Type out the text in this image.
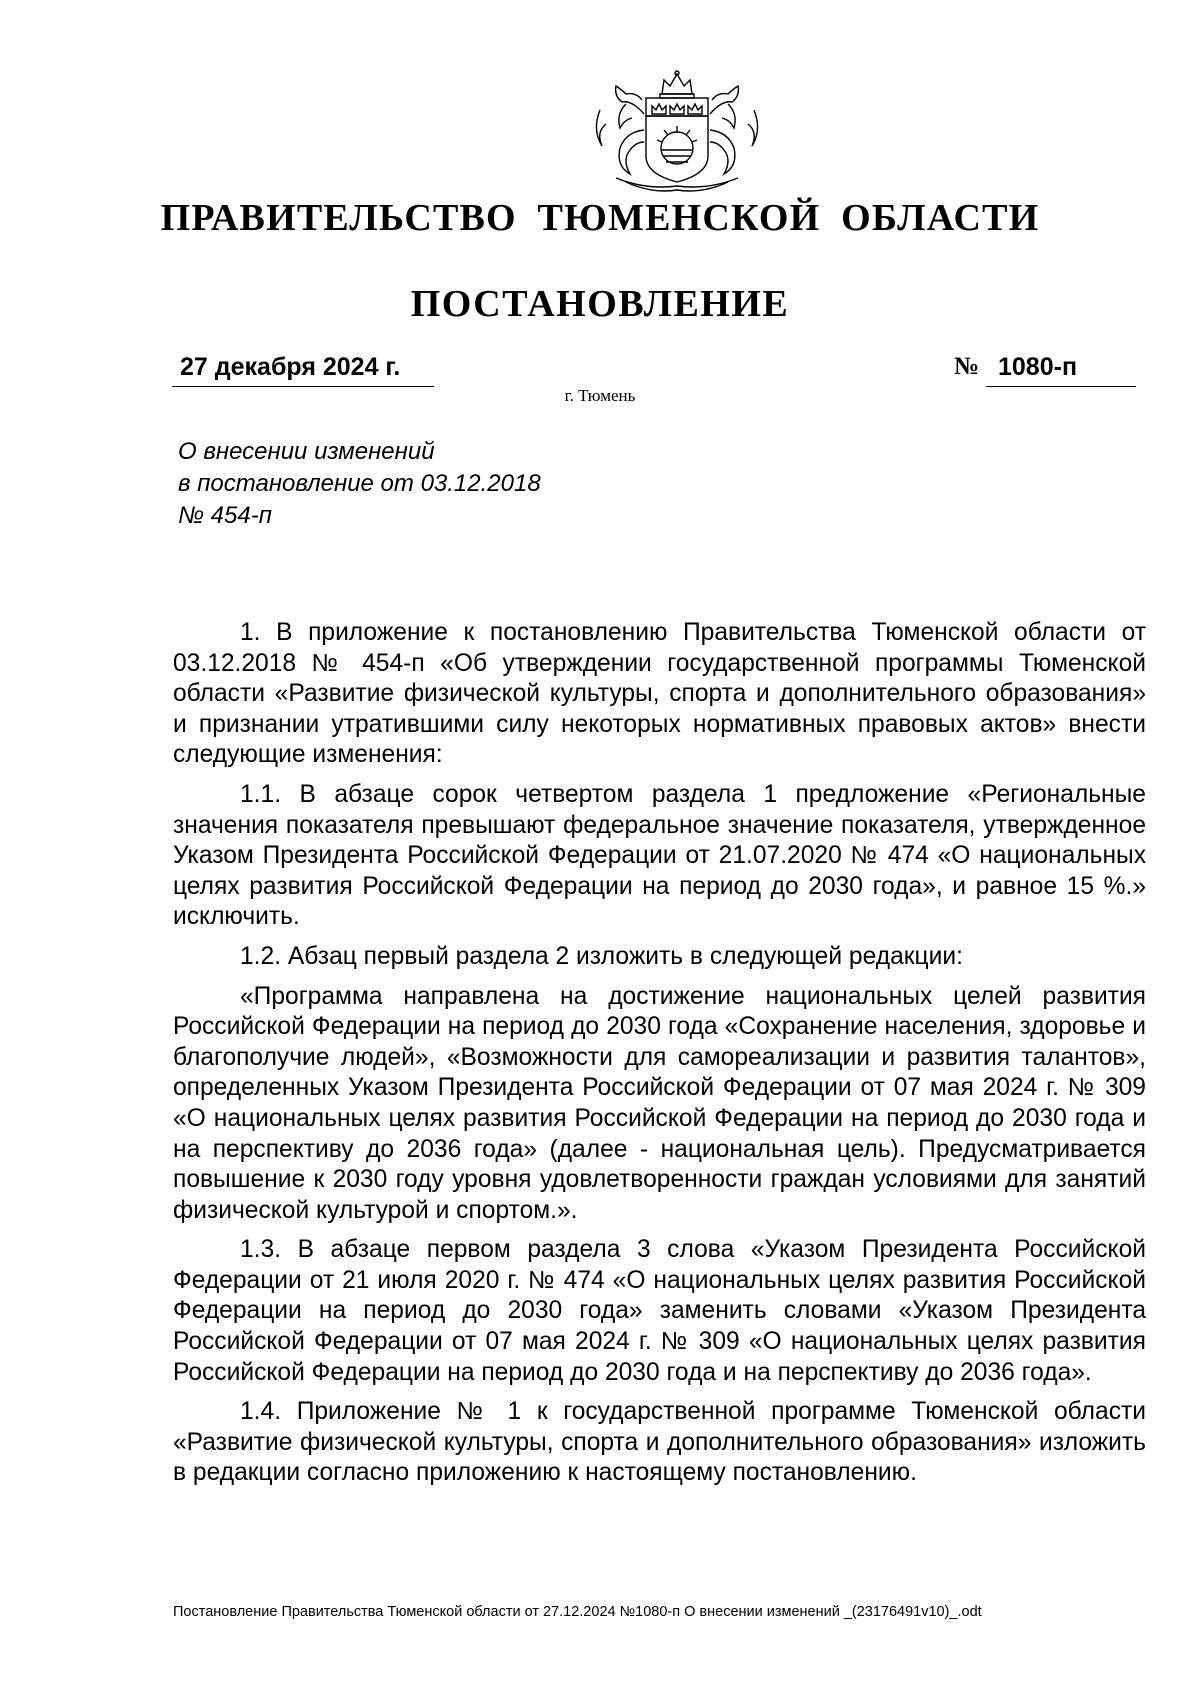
ПРАВИТЕЛЬСТВО ТЮМЕНСКОЙ ОБЛАСТИ
ПОСТАНОВЛЕНИЕ
27 декабря 2024 г.	№ 1080-п
г. Тюмень
О внесении изменений
в постановление от 03.12.2018
№ 454-п

1. В приложение к постановлению Правительства Тюменской области от 03.12.2018 № 454-п «Об утверждении государственной программы Тюменской области «Развитие физической культуры, спорта и дополнительного образования» и признании утратившими силу некоторых нормативных правовых актов» внести следующие изменения:

1.1. В абзаце сорок четвертом раздела 1 предложение «Региональные значения показателя превышают федеральное значение показателя, утвержденное Указом Президента Российской Федерации от 21.07.2020 № 474 «О национальных целях развития Российской Федерации на период до 2030 года», и равное 15 %.» исключить.

1.2. Абзац первый раздела 2 изложить в следующей редакции:

«Программа направлена на достижение национальных целей развития Российской Федерации на период до 2030 года «Сохранение населения, здоровье и благополучие людей», «Возможности для самореализации и развития талантов», определенных Указом Президента Российской Федерации от 07 мая 2024 г. № 309 «О национальных целях развития Российской Федерации на период до 2030 года и на перспективу до 2036 года» (далее - национальная цель). Предусматривается повышение к 2030 году уровня удовлетворенности граждан условиями для занятий физической культурой и спортом.».

1.3. В абзаце первом раздела 3 слова «Указом Президента Российской Федерации от 21 июля 2020 г. № 474 «О национальных целях развития Российской Федерации на период до 2030 года» заменить словами «Указом Президента Российской Федерации от 07 мая 2024 г. № 309 «О национальных целях развития Российской Федерации на период до 2030 года и на перспективу до 2036 года».

1.4. Приложение № 1 к государственной программе Тюменской области «Развитие физической культуры, спорта и дополнительного образования» изложить в редакции согласно приложению к настоящему постановлению.

Постановление Правительства Тюменской области от 27.12.2024 №1080-п О внесении изменений _(23176491v10)_.odt
